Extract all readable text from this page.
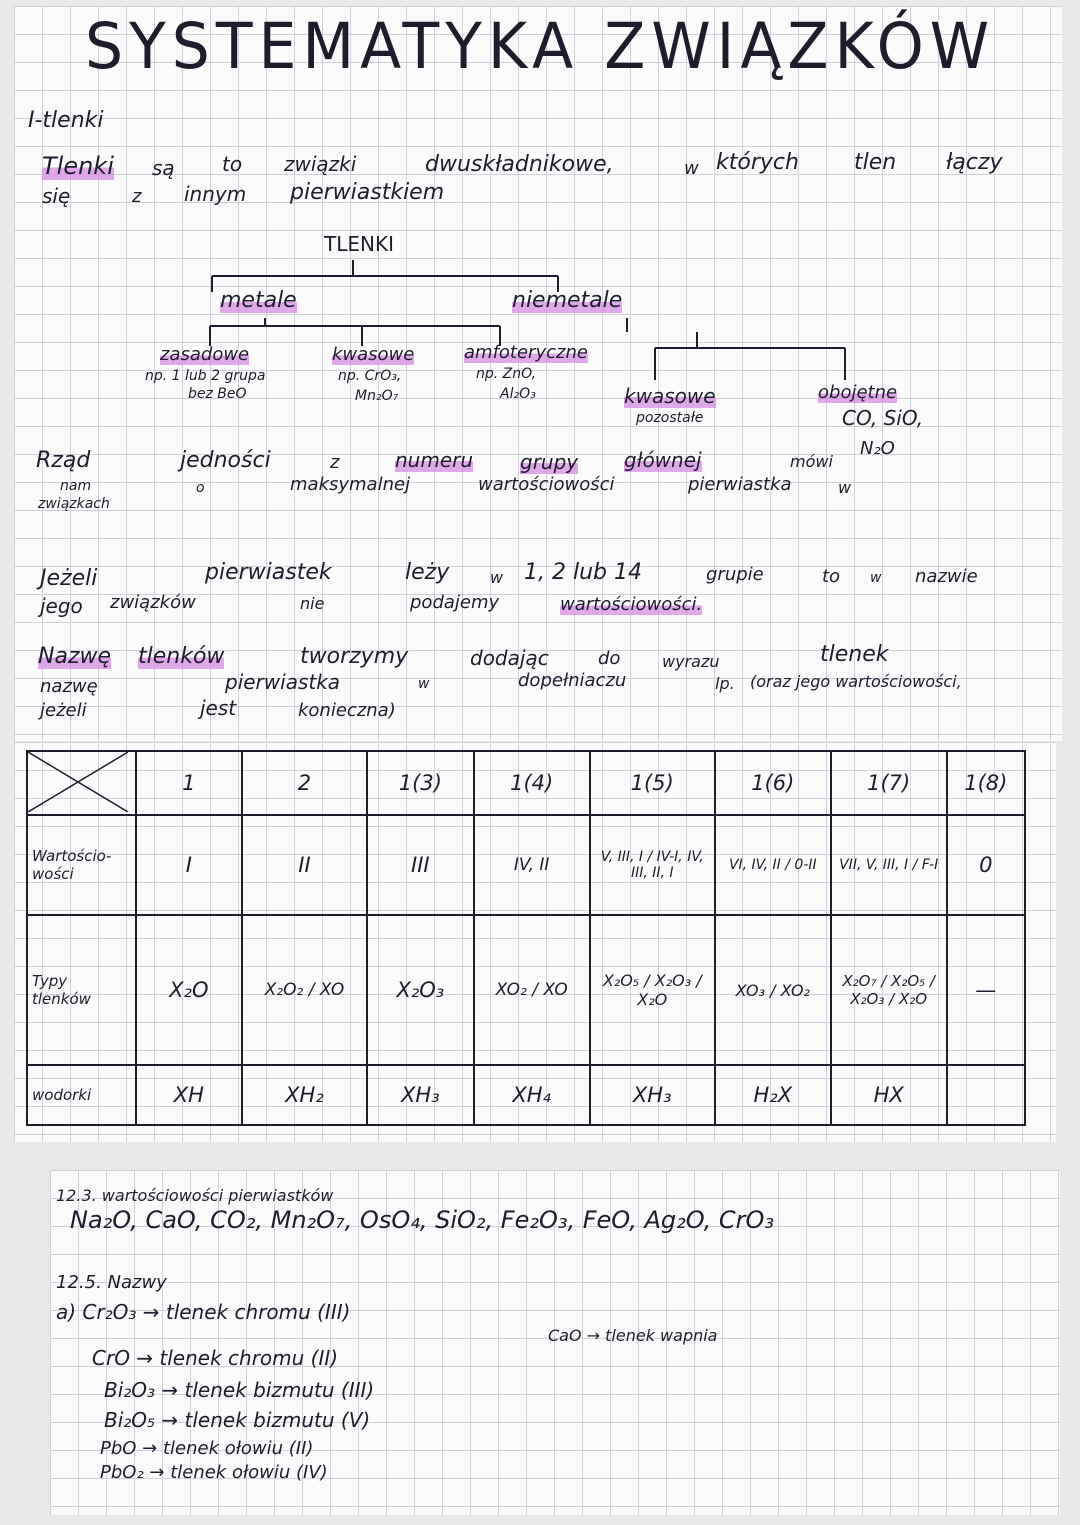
SYSTEMATYKA ZWIĄZKÓW
I-tlenki
Tlenki są to związki	dwuskładnikowe,	w których	tlen łączy
się	z innym pierwiastkiem
TLENKI
metale	niemetale
zasadowe
np. 1 lub 2 grupa
bez BeO
kwasowe
np. CrO₃,
Mn₂O₇
amfoteryczne
np. ZnO,
Al₂O₃	kwasowe
pozostałe
obojętne
CO, SiO,
N₂O
Rząd	jedności	z	numeru grupy głównej	mówi
nam	o	maksymalnej	wartościowości	pierwiastka	w
związkach
Jeżeli	pierwiastek	leży	w 1, 2 lub 14	grupie	to w nazwie
jego związków	nie	podajemy	wartościowości.
Nazwę tlenków	tworzymy	dodając	do	wyrazu	tlenek
nazwę	pierwiastka	w	dopełniaczu	lp. (oraz jego wartościowości,
jeżeli	jest	konieczna)
	1	2	1(3)	1(4)	1(5)	1(6)	1(7)	1(8)
Wartościo-wości	I	II	III	IV, II	V, III, I / IV-I, IV, III, II, I	VI, IV, II / 0-II	VII, V, III, I / F-I	0
Typy tlenków	X₂O	X₂O₂ / XO	X₂O₃	XO₂ / XO	X₂O₅ / X₂O₃ / X₂O	XO₃ / XO₂	X₂O₇ / X₂O₅ / X₂O₃ / X₂O	—
wodorki	XH	XH₂	XH₃	XH₄	XH₃	H₂X	HX	
12.3. wartościowości pierwiastków
Na₂O, CaO, CO₂, Mn₂O₇, OsO₄, SiO₂, Fe₂O₃, FeO, Ag₂O, CrO₃
12.5. Nazwy
a) Cr₂O₃ → tlenek chromu (III)
CrO → tlenek chromu (II)
Bi₂O₃ → tlenek bizmutu (III)
Bi₂O₅ → tlenek bizmutu (V)
PbO → tlenek ołowiu (II)
PbO₂ → tlenek ołowiu (IV)
CaO → tlenek wapnia
